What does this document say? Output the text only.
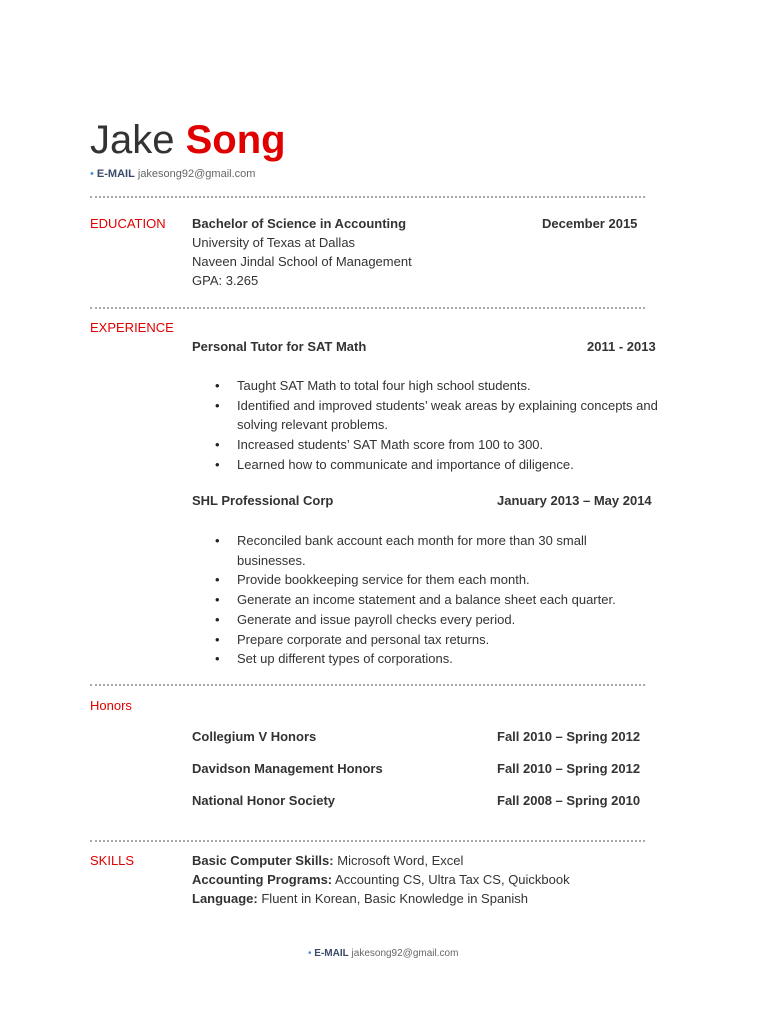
Jake Song
• E-MAIL jakesong92@gmail.com
EDUCATION Bachelor of Science in Accounting	December 2015
University of Texas at Dallas
Naveen Jindal School of Management
GPA: 3.265
EXPERIENCE
Personal Tutor for SAT Math	2011 - 2013
• Taught SAT Math to total four high school students.
• Identified and improved students’ weak areas by explaining concepts and solving relevant problems.
• Increased students’ SAT Math score from 100 to 300.
• Learned how to communicate and importance of diligence.
SHL Professional Corp	January 2013 – May 2014
• Reconciled bank account each month for more than 30 small businesses.
• Provide bookkeeping service for them each month.
• Generate an income statement and a balance sheet each quarter.
• Generate and issue payroll checks every period.
• Prepare corporate and personal tax returns.
• Set up different types of corporations.
Honors
Collegium V Honors	Fall 2010 – Spring 2012
Davidson Management Honors	Fall 2010 – Spring 2012
National Honor Society	Fall 2008 – Spring 2010
SKILLS	Basic Computer Skills: Microsoft Word, Excel
Accounting Programs: Accounting CS, Ultra Tax CS, Quickbook
Language: Fluent in Korean, Basic Knowledge in Spanish
• E-MAIL jakesong92@gmail.com
